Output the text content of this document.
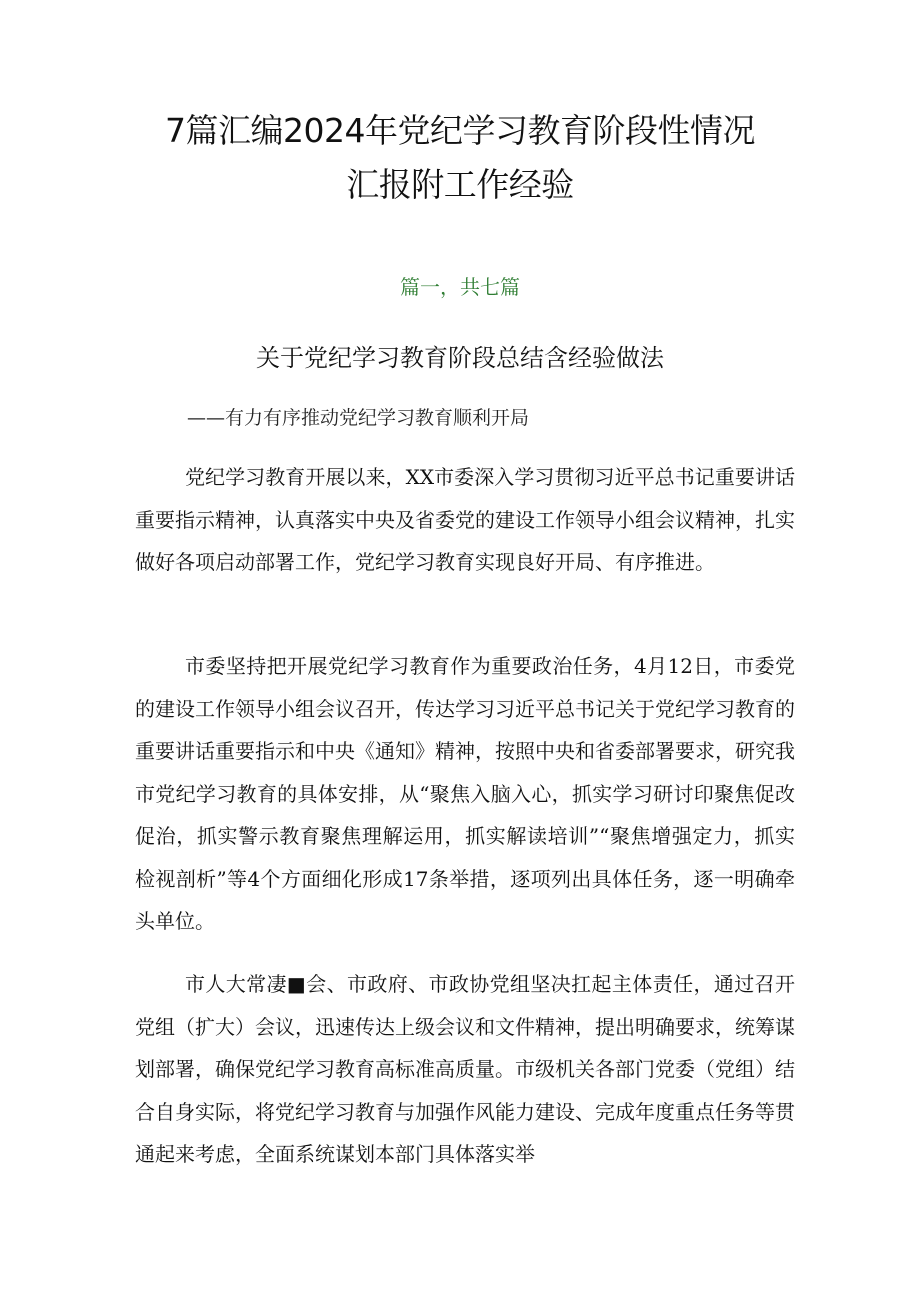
7篇汇编2024年党纪学习教育阶段性情况
汇报附工作经验
篇一，共七篇
关于党纪学习教育阶段总结含经验做法
——有力有序推动党纪学习教育顺利开局

党纪学习教育开展以来，XX市委深入学习贯彻习近平总书记重要讲话重要指示精神，认真落实中央及省委党的建设工作领导小组会议精神，扎实做好各项启动部署工作，党纪学习教育实现良好开局、有序推进。

市委坚持把开展党纪学习教育作为重要政治任务，4月12日，市委党的建设工作领导小组会议召开，传达学习习近平总书记关于党纪学习教育的重要讲话重要指示和中央《通知》精神，按照中央和省委部署要求，研究我市党纪学习教育的具体安排，从“聚焦入脑入心，抓实学习研讨印聚焦促改促治，抓实警示教育聚焦理解运用，抓实解读培训”“聚焦增强定力，抓实检视剖析”等4个方面细化形成17条举措，逐项列出具体任务，逐一明确牵头单位。

市人大常凄■会、市政府、市政协党组坚决扛起主体责任，通过召开党组（扩大）会议，迅速传达上级会议和文件精神，提出明确要求，统筹谋划部署，确保党纪学习教育高标准高质量。市级机关各部门党委（党组）结合自身实际，将党纪学习教育与加强作风能力建设、完成年度重点任务等贯通起来考虑，全面系统谋划本部门具体落实举
